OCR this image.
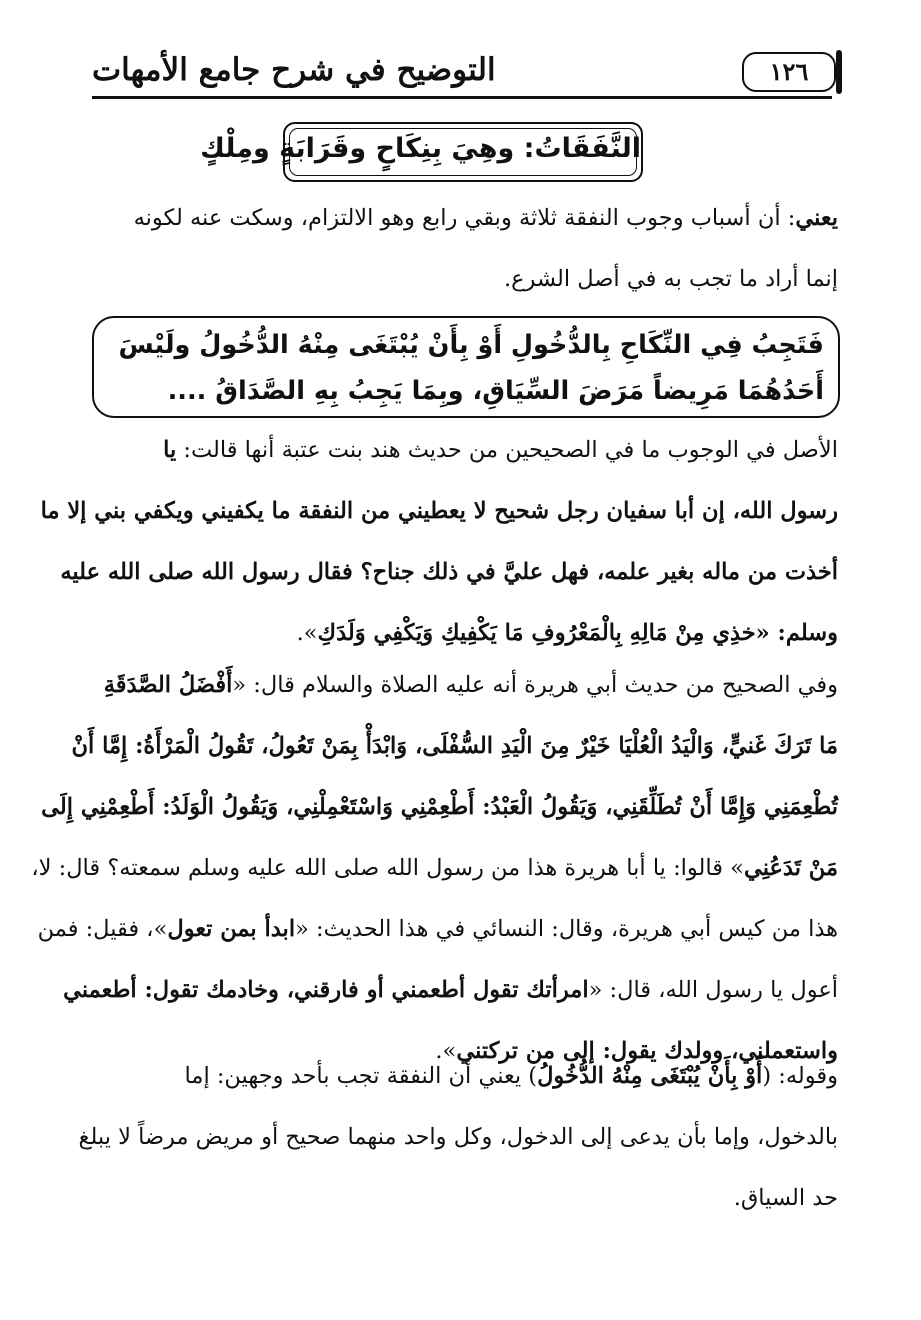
التوضيح في شرح جامع الأمهات	١٢٦
النَّفَقَاتُ: وهِيَ بِنِكَاحٍ وقَرَابَةٍ ومِلْكٍ
يعني: أن أسباب وجوب النفقة ثلاثة وبقي رابع وهو الالتزام، وسكت عنه لكونه
إنما أراد ما تجب به في أصل الشرع.
فَتَجِبُ فِي النِّكَاحِ بِالدُّخُولِ أَوْ بِأَنْ يُبْتَغَى مِنْهُ الدُّخُولُ ولَيْسَ
أَحَدُهُمَا مَرِيضاً مَرَضَ السِّيَاقِ، وبِمَا يَجِبُ بِهِ الصَّدَاقُ ....
الأصل في الوجوب ما في الصحيحين من حديث هند بنت عتبة أنها قالت: يا
رسول الله، إن أبا سفيان رجل شحيح لا يعطيني من النفقة ما يكفيني ويكفي بني إلا ما
أخذت من ماله بغير علمه، فهل عليَّ في ذلك جناح؟ فقال رسول الله صلى الله عليه
وسلم: «خذِي مِنْ مَالِهِ بِالْمَعْرُوفِ مَا يَكْفِيكِ وَيَكْفِي وَلَدَكِ».
وفي الصحيح من حديث أبي هريرة أنه عليه الصلاة والسلام قال: «أَفْضَلُ الصَّدَقَةِ
مَا تَرَكَ غَنيٍّ، وَالْيَدُ الْعُلْيَا خَيْرٌ مِنَ الْيَدِ السُّفْلَى، وَابْدَأْ بِمَنْ تَعُولُ، تَقُولُ الْمَرْأَةُ: إِمَّا أَنْ
تُطْعِمَنِي وَإِمَّا أَنْ تُطَلِّقَنِي، وَيَقُولُ الْعَبْدُ: أَطْعِمْنِي وَاسْتَعْمِلْنِي، وَيَقُولُ الْوَلَدُ: أَطْعِمْنِي إِلَى
مَنْ تَدَعُنِي» قالوا: يا أبا هريرة هذا من رسول الله صلى الله عليه وسلم سمعته؟ قال: لا،
هذا من كيس أبي هريرة، وقال: النسائي في هذا الحديث: «ابدأ بمن تعول»، فقيل: فمن
أعول يا رسول الله، قال: «امرأتك تقول أطعمني أو فارقني، وخادمك تقول: أطعمني
واستعملني، وولدك يقول: إلى من تركتني».
وقوله: (أَوْ بِأَنْ يُبْتَغَى مِنْهُ الدُّخُولُ) يعني أن النفقة تجب بأحد وجهين: إما
بالدخول، وإما بأن يدعى إلى الدخول، وكل واحد منهما صحيح أو مريض مرضاً لا يبلغ
حد السياق.
